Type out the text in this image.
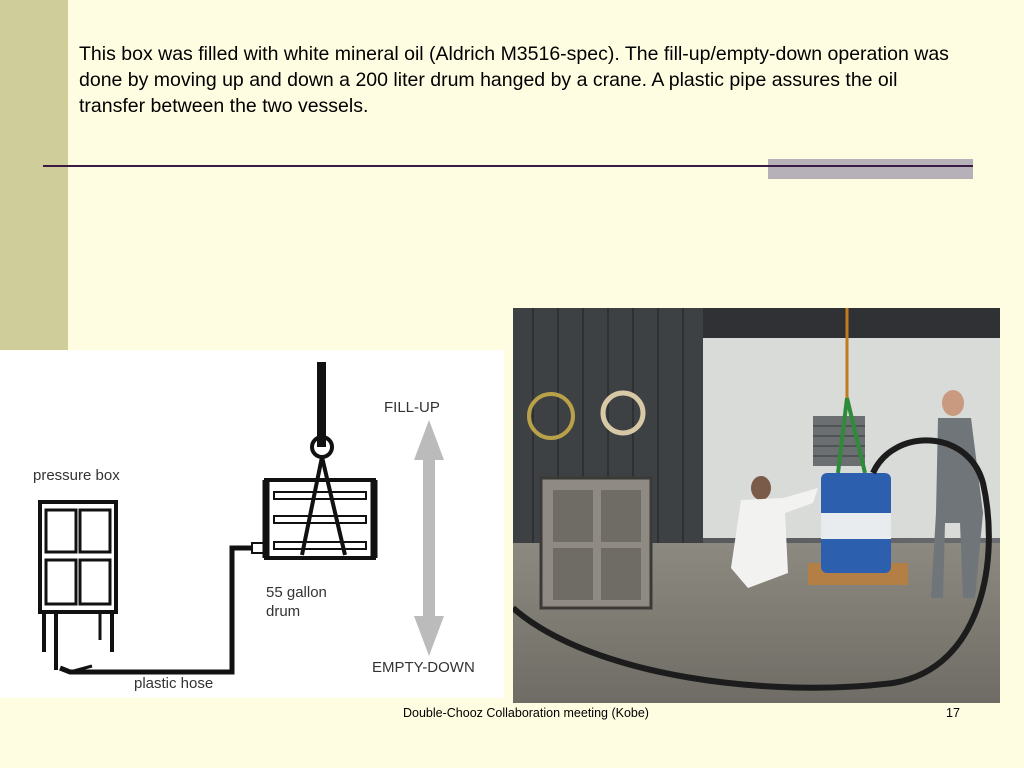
This box was filled with white mineral oil (Aldrich M3516-spec). The fill-up/empty-down operation was done by moving up and down a 200 liter drum hanged by a crane. A plastic pipe assures the oil transfer between the two vessels.
pressure box
55 gallon
drum
plastic hose
FILL-UP
EMPTY-DOWN
Double-Chooz Collaboration meeting (Kobe)	17
